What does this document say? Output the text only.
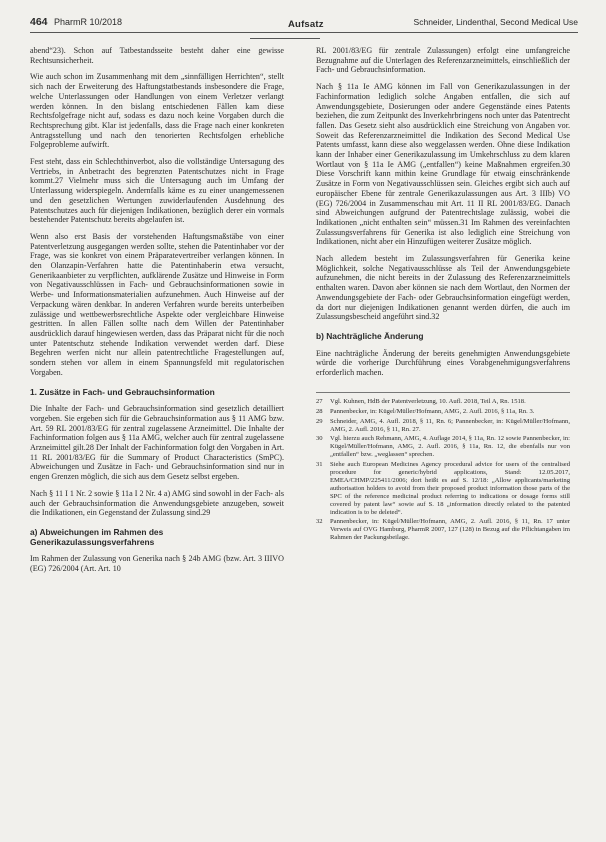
464 PharmR 10/2018	Aufsatz	Schneider, Lindenthal, Second Medical Use

abend“23). Schon auf Tatbestandsseite besteht daher eine gewisse Rechtsunsicherheit.

Wie auch schon im Zusammenhang mit dem „sinnfälligen Herrichten“, stellt sich nach der Erweiterung des Haftungstatbestands insbesondere die Frage, welche Unterlassungen oder Handlungen von einem Verletzer verlangt werden können. In den bislang entschiedenen Fällen kam diese Rechtsfolgefrage nicht auf, sodass es dazu noch keine Vorgaben durch die Rechtsprechung gibt. Klar ist jedenfalls, dass die Frage nach einer konkreten Antragsstellung und nach den tenorierten Rechtsfolgen erhebliche Folgeprobleme aufwirft.

Fest steht, dass ein Schlechthinverbot, also die vollständige Untersagung des Vertriebs, in Anbetracht des begrenzten Patentschutzes nicht in Frage kommt.27 Vielmehr muss sich die Untersagung auch im Umfang der Unterlassung widerspiegeln. Andernfalls käme es zu einer unangemessenen und den gesetzlichen Wertungen zuwiderlaufenden Ausdehnung des Patentschutzes auch für diejenigen Indikationen, bezüglich derer ein vormals bestehender Patentschutz bereits abgelaufen ist.

Wenn also erst Basis der vorstehenden Haftungsmaßstäbe von einer Patentverletzung ausgegangen werden sollte, stehen die Patentinhaber vor der Frage, was sie konkret von einem Präparatevertreiber verlangen können. In den Olanzapin-Verfahren hatte die Patentinhaberin etwa versucht, Generikaanbieter zu verpflichten, aufklärende Zusätze und Hinweise in Form von Negativausschlüssen in Fach- und Gebrauchsinformationen sowie in Werbe- und Informationsmaterialien aufzunehmen. Auch Hinweise auf der Verpackung wären denkbar. In anderen Verfahren wurde bereits unterbeiben zulässige und wettbewerbsrechtliche Aspekte oder vergleichbare Hinweise gestritten. In allen Fällen sollte nach dem Willen der Patentinhaber ausdrücklich darauf hingewiesen werden, dass das Präparat nicht für die noch unter Patentschutz stehende Indikation verwendet werden darf. Diese Begehren werfen nicht nur allein patentrechtliche Fragestellungen auf, sondern stehen vor allem in einem Spannungsfeld mit regulatorischen Vorgaben.

1. Zusätze in Fach- und Gebrauchsinformation

Die Inhalte der Fach- und Gebrauchsinformation sind gesetzlich detailliert vorgeben. Sie ergeben sich für die Gebrauchsinformation aus § 11 AMG bzw. Art. 59 RL 2001/83/EG für zentral zugelassene Arzneimittel. Die Inhalte der Fachinformation folgen aus § 11a AMG, welcher auch für zentral zugelassene Arzneimittel gilt.28 Der Inhalt der Fachinformation folgt den Vorgaben in Art. 11 RL 2001/83/EG für die Summary of Product Characteristics (SmPC). Abweichungen und Zusätze in Fach- und Gebrauchsinformation sind nur in engen Grenzen möglich, die sich aus dem Gesetz selbst ergeben.

Nach § 11 I 1 Nr. 2 sowie § 11a I 2 Nr. 4 a) AMG sind sowohl in der Fach- als auch der Gebrauchsinformation die Anwendungsgebiete anzugeben, soweit die Indikationen, ein Gegenstand der Zulassung sind.29

a) Abweichungen im Rahmen des Generikazulassungsverfahrens

Im Rahmen der Zulassung von Generika nach § 24b AMG (bzw. Art. 3 IIIVO (EG) 726/2004 (Art. Art. 10

RL 2001/83/EG für zentrale Zulassungen) erfolgt eine umfangreiche Bezugnahme auf die Unterlagen des Referenzarzneimittels, einschließlich der Fach- und Gebrauchsinformation.

Nach § 11a Ie AMG können im Fall von Generikazulassungen in der Fachinformation lediglich solche Angaben entfallen, die sich auf Anwendungsgebiete, Dosierungen oder andere Gegenstände eines Patents beziehen, die zum Zeitpunkt des Inverkehrbringens noch unter das Patentrecht fallen. Das Gesetz sieht also ausdrücklich eine Streichung von Angaben vor. Soweit das Referenzarzneimittel die Indikation des Second Medical Use Patents umfasst, kann diese also weggelassen werden. Ohne diese Indikation kann der Inhaber einer Generikazulassung im Umkehrschluss zu dem klaren Wortlaut von § 11a Ie AMG („entfallen“) keine Maßnahmen ergreifen.30 Diese Vorschrift kann mithin keine Grundlage für etwaig einschränkende Zusätze in Form von Negativausschlüssen sein. Gleiches ergibt sich auch auf europäischer Ebene für zentrale Generikazulassungen aus Art. 3 IIIb) VO (EG) 726/2004 in Zusammenschau mit Art. 11 II RL 2001/83/EG. Danach sind Abweichungen aufgrund der Patentrechtslage zulässig, wobei die Indikationen „nicht enthalten sein“ müssen.31 Im Rahmen des vereinfachten Zulassungsverfahrens für Generika ist also lediglich eine Streichung von Indikationen, nicht aber ein Hinzufügen weiterer Zusätze möglich.

Nach alledem besteht im Zulassungsverfahren für Generika keine Möglichkeit, solche Negativausschlüsse als Teil der Anwendungsgebiete aufzunehmen, die nicht bereits in der Zulassung des Referenzarzneimittels enthalten waren. Davon aber können sie nach dem Wortlaut, den Normen der Anwendungsgebiete der Fach- oder Gebrauchsinformation eingefügt werden, da dort nur diejenigen Indikationen genannt werden dürfen, die auch im Zulassungsbescheid angeführt sind.32

b) Nachträgliche Änderung

Eine nachträgliche Änderung der bereits genehmigten Anwendungsgebiete würde die vorherige Durchführung eines Vorabgenehmigungsverfahrens erforderlich machen.

27	Vgl. Kuhnen, HdB der Patentverletzung, 10. Aufl. 2018, Teil A, Rn. 1518.
28	Pannenbecker, in: Kügel/Müller/Hofmann, AMG, 2. Aufl. 2016, § 11a, Rn. 3.
29	Schneider, AMG, 4. Aufl. 2018, § 11, Rn. 6; Pannenbecker, in: Kügel/Müller/Hofmann, AMG, 2. Aufl. 2016, § 11, Rn. 27.
30	Vgl. hierzu auch Rehmann, AMG, 4. Auflage 2014, § 11a, Rn. 12 sowie Pannenbecker, in: Kügel/Müller/Hofmann, AMG, 2. Aufl. 2016, § 11a, Rn. 12, die ebenfalls nur von „entfallen“ bzw. „weglassen“ sprechen.
31	Siehe auch European Medicines Agency procedural advice for users of the centralised procedure for generic/hybrid applications, Stand: 12.05.2017, EMEA/CHMP/225411/2006; dort heißt es auf S. 12/18: „Allow applicants/marketing authorisation holders to avoid from their proposed product information those parts of the SPC of the reference medicinal product referring to indications or dosage forms still covered by patent law“ sowie auf S. 18 „information directly related to the patented indication is to be deleted“.
32	Pannenbecker, in: Kügel/Müller/Hofmann, AMG, 2. Aufl. 2016, § 11, Rn. 17 unter Verweis auf OVG Hamburg, PharmR 2007, 127 (128) in Bezug auf die Pflichtangaben im Rahmen der Packungsbeilage.
